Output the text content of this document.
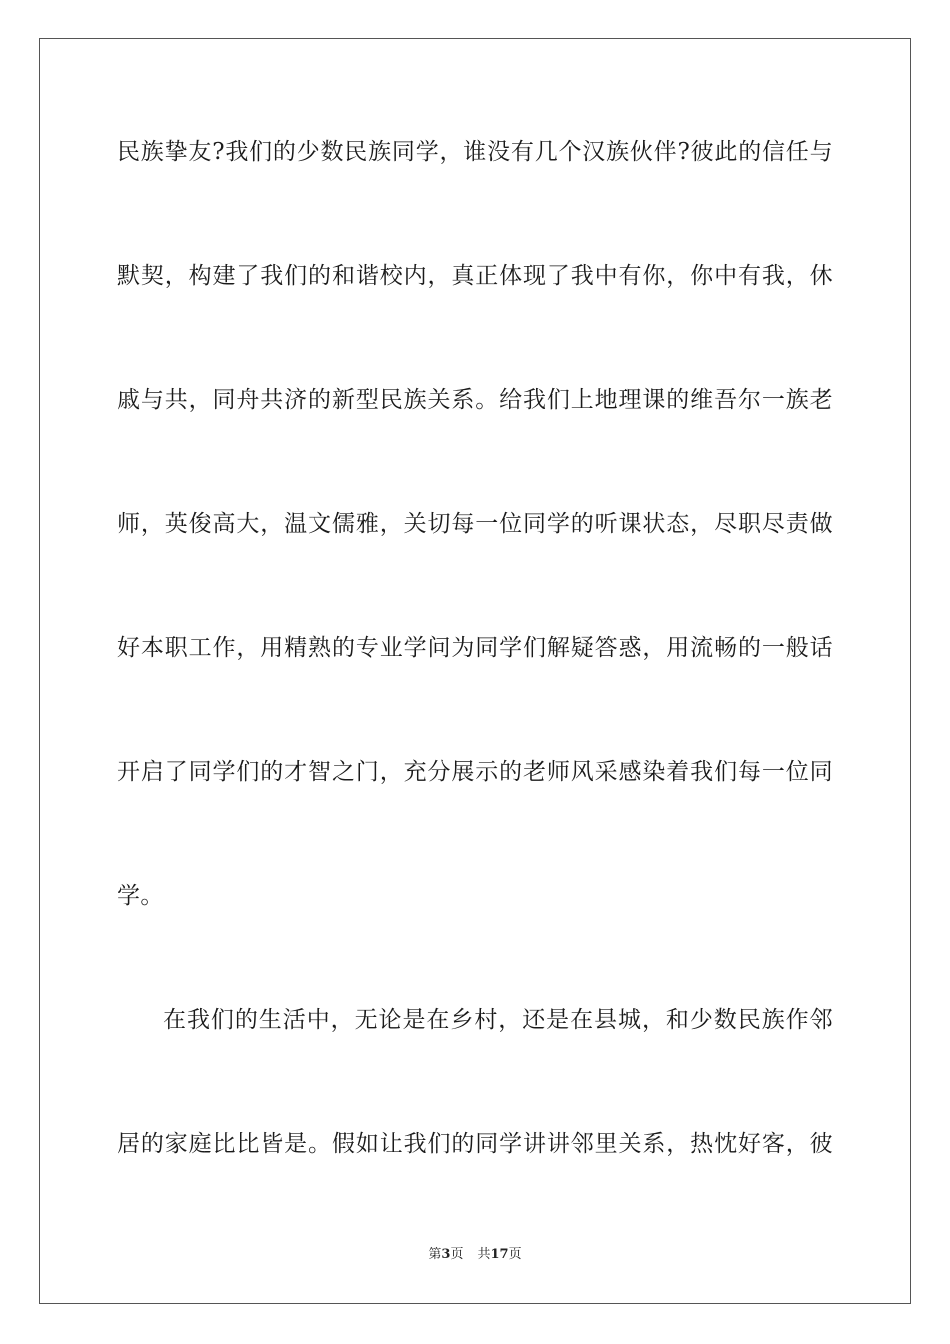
民族挚友?我们的少数民族同学，谁没有几个汉族伙伴?彼此的信任与

默契，构建了我们的和谐校内，真正体现了我中有你，你中有我，休

戚与共，同舟共济的新型民族关系。给我们上地理课的维吾尔一族老

师，英俊高大，温文儒雅，关切每一位同学的听课状态，尽职尽责做

好本职工作，用精熟的专业学问为同学们解疑答惑，用流畅的一般话

开启了同学们的才智之门，充分展示的老师风采感染着我们每一位同

学。

在我们的生活中，无论是在乡村，还是在县城，和少数民族作邻

居的家庭比比皆是。假如让我们的同学讲讲邻里关系，热忱好客，彼

第3页 共17页
